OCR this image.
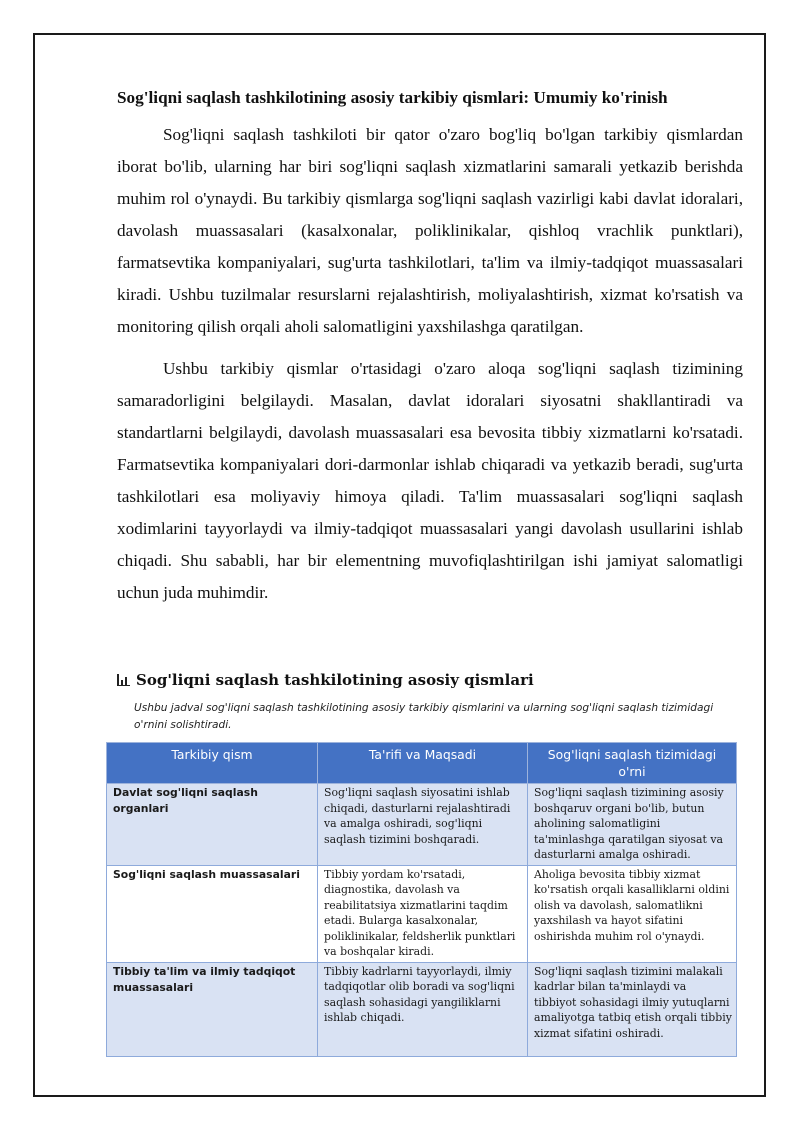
Sog'liqni saqlash tashkilotining asosiy tarkibiy qismlari: Umumiy ko'rinish

Sog'liqni saqlash tashkiloti bir qator o'zaro bog'liq bo'lgan tarkibiy qismlardan iborat bo'lib, ularning har biri sog'liqni saqlash xizmatlarini samarali yetkazib berishda muhim rol o'ynaydi. Bu tarkibiy qismlarga sog'liqni saqlash vazirligi kabi davlat idoralari, davolash muassasalari (kasalxonalar, poliklinikalar, qishloq vrachlik punktlari), farmatsevtika kompaniyalari, sug'urta tashkilotlari, ta'lim va ilmiy-tadqiqot muassasalari kiradi. Ushbu tuzilmalar resurslarni rejalashtirish, moliyalashtirish, xizmat ko'rsatish va monitoring qilish orqali aholi salomatligini yaxshilashga qaratilgan.

Ushbu tarkibiy qismlar o'rtasidagi o'zaro aloqa sog'liqni saqlash tizimining samaradorligini belgilaydi. Masalan, davlat idoralari siyosatni shakllantiradi va standartlarni belgilaydi, davolash muassasalari esa bevosita tibbiy xizmatlarni ko'rsatadi. Farmatsevtika kompaniyalari dori-darmonlar ishlab chiqaradi va yetkazib beradi, sug'urta tashkilotlari esa moliyaviy himoya qiladi. Ta'lim muassasalari sog'liqni saqlash xodimlarini tayyorlaydi va ilmiy-tadqiqot muassasalari yangi davolash usullarini ishlab chiqadi. Shu sababli, har bir elementning muvofiqlashtirilgan ishi jamiyat salomatligi uchun juda muhimdir.

Sog'liqni saqlash tashkilotining asosiy qismlari
Ushbu jadval sog'liqni saqlash tashkilotining asosiy tarkibiy qismlarini va ularning sog'liqni saqlash tizimidagi o'rnini solishtiradi.
Tarkibiy qism	Ta'rifi va Maqsadi	Sog'liqni saqlash tizimidagi o'rni
Davlat sog'liqni saqlash organlari	Sog'liqni saqlash siyosatini ishlab chiqadi, dasturlarni rejalashtiradi va amalga oshiradi, sog'liqni saqlash tizimini boshqaradi.	Sog'liqni saqlash tizimining asosiy boshqaruv organi bo'lib, butun aholining salomatligini ta'minlashga qaratilgan siyosat va dasturlarni amalga oshiradi.
Sog'liqni saqlash muassasalari	Tibbiy yordam ko'rsatadi, diagnostika, davolash va reabilitatsiya xizmatlarini taqdim etadi. Bularga kasalxonalar, poliklinikalar, feldsherlik punktlari va boshqalar kiradi.	Aholiga bevosita tibbiy xizmat ko'rsatish orqali kasalliklarni oldini olish va davolash, salomatlikni yaxshilash va hayot sifatini oshirishda muhim rol o'ynaydi.
Tibbiy ta'lim va ilmiy tadqiqot muassasalari	Tibbiy kadrlarni tayyorlaydi, ilmiy tadqiqotlar olib boradi va sog'liqni saqlash sohasidagi yangiliklarni ishlab chiqadi.	Sog'liqni saqlash tizimini malakali kadrlar bilan ta'minlaydi va tibbiyot sohasidagi ilmiy yutuqlarni amaliyotga tatbiq etish orqali tibbiy xizmat sifatini oshiradi.
